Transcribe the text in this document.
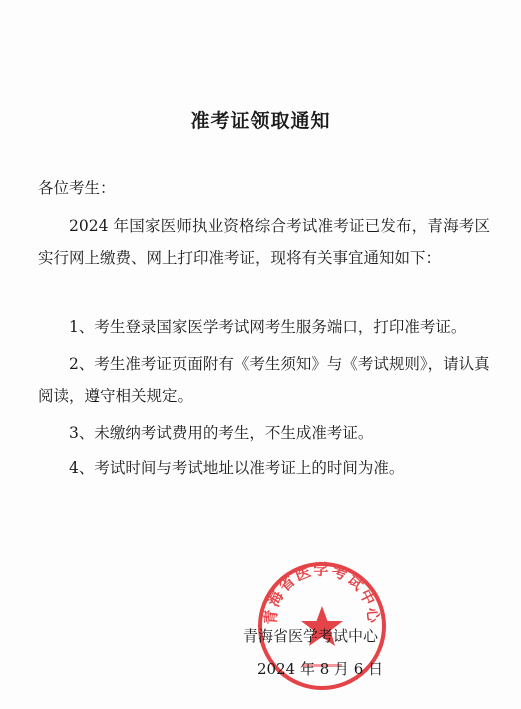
准考证领取通知
各位考生：
2024 年国家医师执业资格综合考试准考证已发布，青海考区实行网上缴费、网上打印准考证，现将有关事宜通知如下：
1、考生登录国家医学考试网考生服务端口，打印准考证。
2、考生准考证页面附有《考生须知》与《考试规则》，请认真阅读，遵守相关规定。
3、未缴纳考试费用的考生，不生成准考证。
4、考试时间与考试地址以准考证上的时间为准。
青海省医学考试中心
青海省医学考试中心
2024 年 8 月 6 日
